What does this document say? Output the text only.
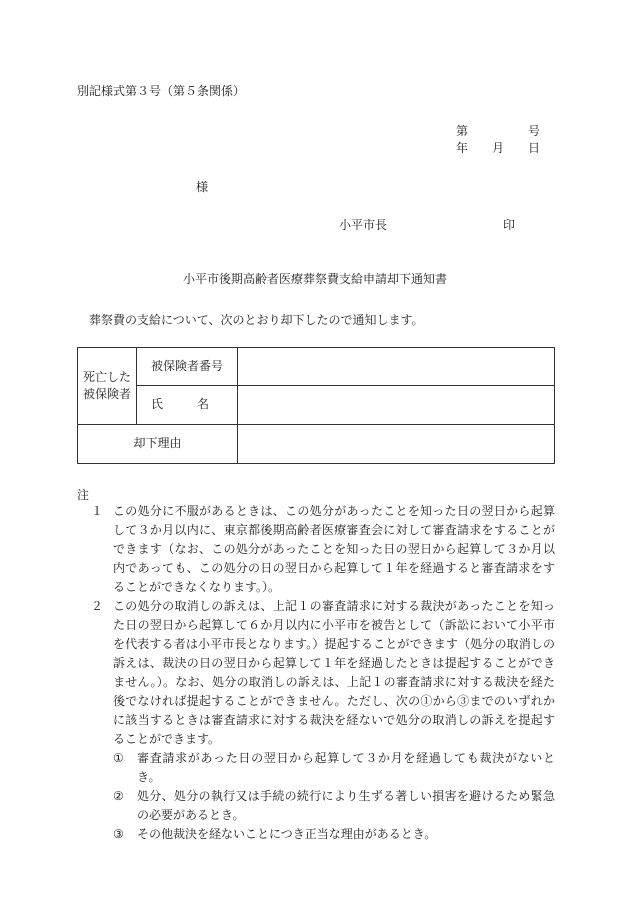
別記様式第３号（第５条関係）
第	号
年 月 日
様
小平市長	印
小平市後期高齢者医療葬祭費支給申請却下通知書
葬祭費の支給について、次のとおり却下したので通知します。
死亡した
被保険者	被保険者番号	

	氏 名	

却下理由		
注
１ この処分に不服があるときは、この処分があったことを知った日の翌日から起算して３か月以内に、東京都後期高齢者医療審査会に対して審査請求をすることができます（なお、この処分があったことを知った日の翌日から起算して３か月以内であっても、この処分の日の翌日から起算して１年を経過すると審査請求をすることができなくなります。）。
２ この処分の取消しの訴えは、上記１の審査請求に対する裁決があったことを知った日の翌日から起算して６か月以内に小平市を被告として（訴訟において小平市を代表する者は小平市長となります。）提起することができます（処分の取消しの訴えは、裁決の日の翌日から起算して１年を経過したときは提起することができません。）。なお、処分の取消しの訴えは、上記１の審査請求に対する裁決を経た後でなければ提起することができません。ただし、次の①から③までのいずれかに該当するときは審査請求に対する裁決を経ないで処分の取消しの訴えを提起することができます。
① 審査請求があった日の翌日から起算して３か月を経過しても裁決がないとき。
② 処分、処分の執行又は手続の続行により生ずる著しい損害を避けるため緊急の必要があるとき。
③ その他裁決を経ないことにつき正当な理由があるとき。
